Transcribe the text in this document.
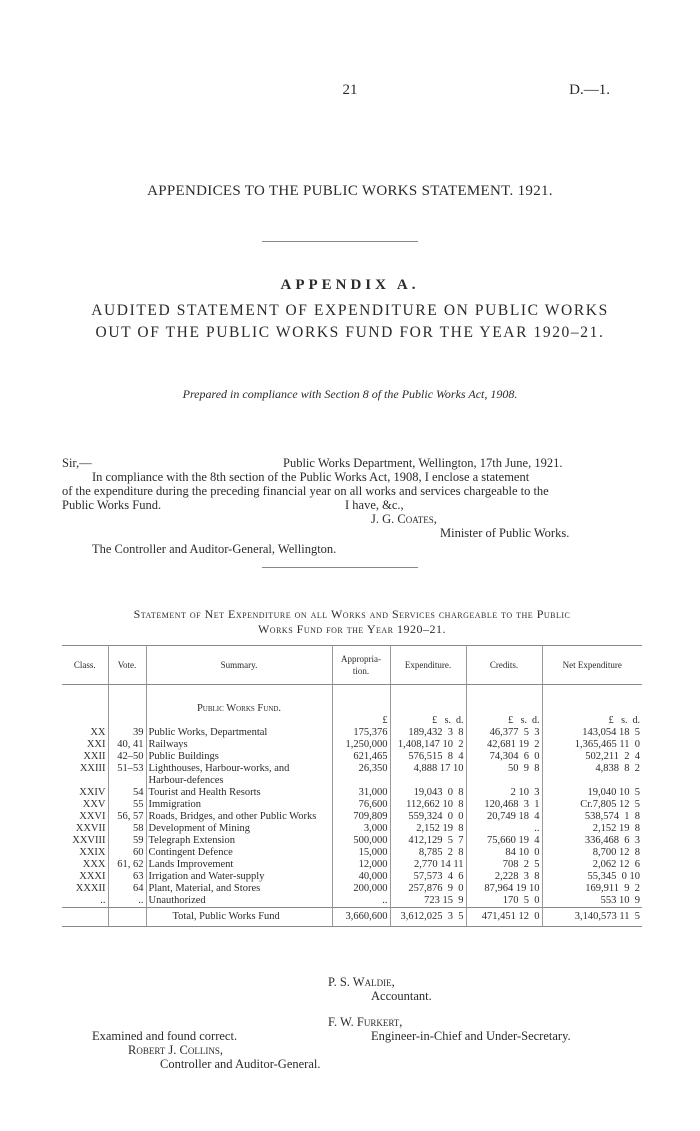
21	D.—1.
APPENDICES TO THE PUBLIC WORKS STATEMENT. 1921.
APPENDIX A.
AUDITED STATEMENT OF EXPENDITURE ON PUBLIC WORKS
OUT OF THE PUBLIC WORKS FUND FOR THE YEAR 1920–21.
Prepared in compliance with Section 8 of the Public Works Act, 1908.
Sir,—	Public Works Department, Wellington, 17th June, 1921.
In compliance with the 8th section of the Public Works Act, 1908, I enclose a statement
of the expenditure during the preceding financial year on all works and services chargeable to the
Public Works Fund.	I have, &c.,
J. G. Coates,
Minister of Public Works.
The Controller and Auditor-General, Wellington.
Statement of Net Expenditure on all Works and Services chargeable to the Public
Works Fund for the Year 1920–21.
Class.	Vote.	Summary.	Appropria-tion.	Expenditure.	Credits.	Net Expenditure
		Public Works Fund.				
			£	£   s.  d.	£   s.  d.	£   s.  d.
XX	39	Public Works, Departmental	175,376	189,432  3  8	46,377  5  3	143,054 18  5
XXI	40, 41	Railways	1,250,000	1,408,147 10  2	42,681 19  2	1,365,465 11  0
XXII	42–50	Public Buildings	621,465	576,515  8  4	74,304  6  0	502,211  2  4
XXIII	51–53	Lighthouses, Harbour-works, and Harbour-defences	26,350	4,888 17 10	50  9  8	4,838  8  2
XXIV	54	Tourist and Health Resorts	31,000	19,043  0  8	2 10  3	19,040 10  5
XXV	55	Immigration	76,600	112,662 10  8	120,468  3  1	Cr.7,805 12  5
XXVI	56, 57	Roads, Bridges, and other Public Works	709,809	559,324  0  0	20,749 18  4	538,574  1  8
XXVII	58	Development of Mining	3,000	2,152 19  8	..	2,152 19  8
XXVIII	59	Telegraph Extension	500,000	412,129  5  7	75,660 19  4	336,468  6  3
XXIX	60	Contingent Defence	15,000	8,785  2  8	84 10  0	8,700 12  8
XXX	61, 62	Lands Improvement	12,000	2,770 14 11	708  2  5	2,062 12  6
XXXI	63	Irrigation and Water-supply	40,000	57,573  4  6	2,228  3  8	55,345  0 10
XXXII	64	Plant, Material, and Stores	200,000	257,876  9  0	87,964 19 10	169,911  9  2
..	..	Unauthorized	..	723 15  9	170  5  0	553 10  9
		Total, Public Works Fund	3,660,600	3,612,025  3  5	471,451 12  0	3,140,573 11  5
P. S. Waldie,
Accountant.
F. W. Furkert,
Engineer-in-Chief and Under-Secretary.
Examined and found correct.
Robert J. Collins,
Controller and Auditor-General.
